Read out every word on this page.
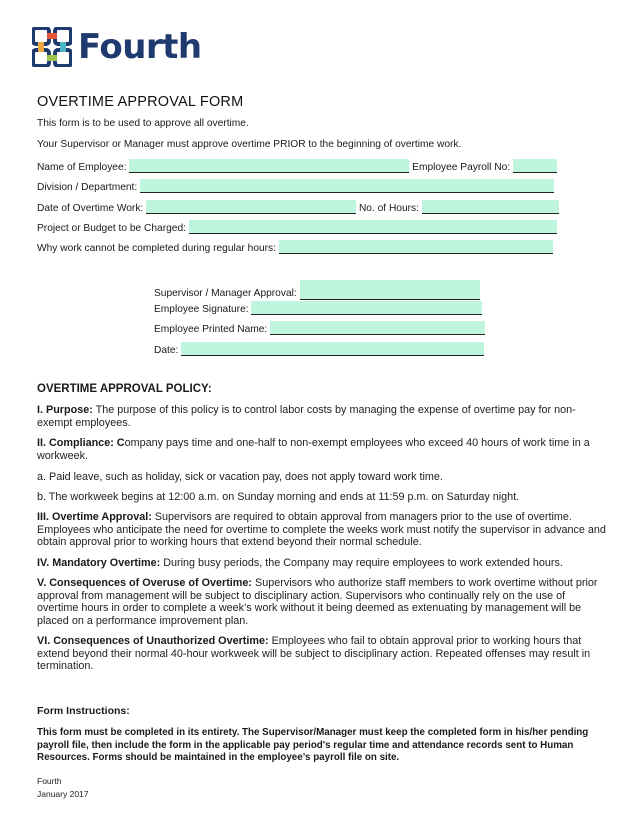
Fourth
OVERTIME APPROVAL FORM
This form is to be used to approve all overtime.
Your Supervisor or Manager must approve overtime PRIOR to the beginning of overtime work.
Name of Employee:	Employee Payroll No:
Division / Department:
Date of Overtime Work:	No. of Hours:
Project or Budget to be Charged:
Why work cannot be completed during regular hours:
Supervisor / Manager Approval:
Employee Signature:
Employee Printed Name:
Date:
OVERTIME APPROVAL POLICY:
I. Purpose: The purpose of this policy is to control labor costs by managing the expense of overtime pay for non-exempt employees.
II. Compliance: Company pays time and one-half to non-exempt employees who exceed 40 hours of work time in a workweek.
a. Paid leave, such as holiday, sick or vacation pay, does not apply toward work time.
b. The workweek begins at 12:00 a.m. on Sunday morning and ends at 11:59 p.m. on Saturday night.
III. Overtime Approval: Supervisors are required to obtain approval from managers prior to the use of overtime. Employees who anticipate the need for overtime to complete the weeks work must notify the supervisor in advance and obtain approval prior to working hours that extend beyond their normal schedule.
IV. Mandatory Overtime: During busy periods, the Company may require employees to work extended hours.
V. Consequences of Overuse of Overtime: Supervisors who authorize staff members to work overtime without prior approval from management will be subject to disciplinary action. Supervisors who continually rely on the use of overtime hours in order to complete a week’s work without it being deemed as extenuating by management will be placed on a performance improvement plan.
VI. Consequences of Unauthorized Overtime: Employees who fail to obtain approval prior to working hours that extend beyond their normal 40-hour workweek will be subject to disciplinary action. Repeated offenses may result in termination.
Form Instructions:
This form must be completed in its entirety. The Supervisor/Manager must keep the completed form in his/her pending payroll file, then include the form in the applicable pay period's regular time and attendance records sent to Human Resources. Forms should be maintained in the employee’s payroll file on site.
Fourth
January 2017
